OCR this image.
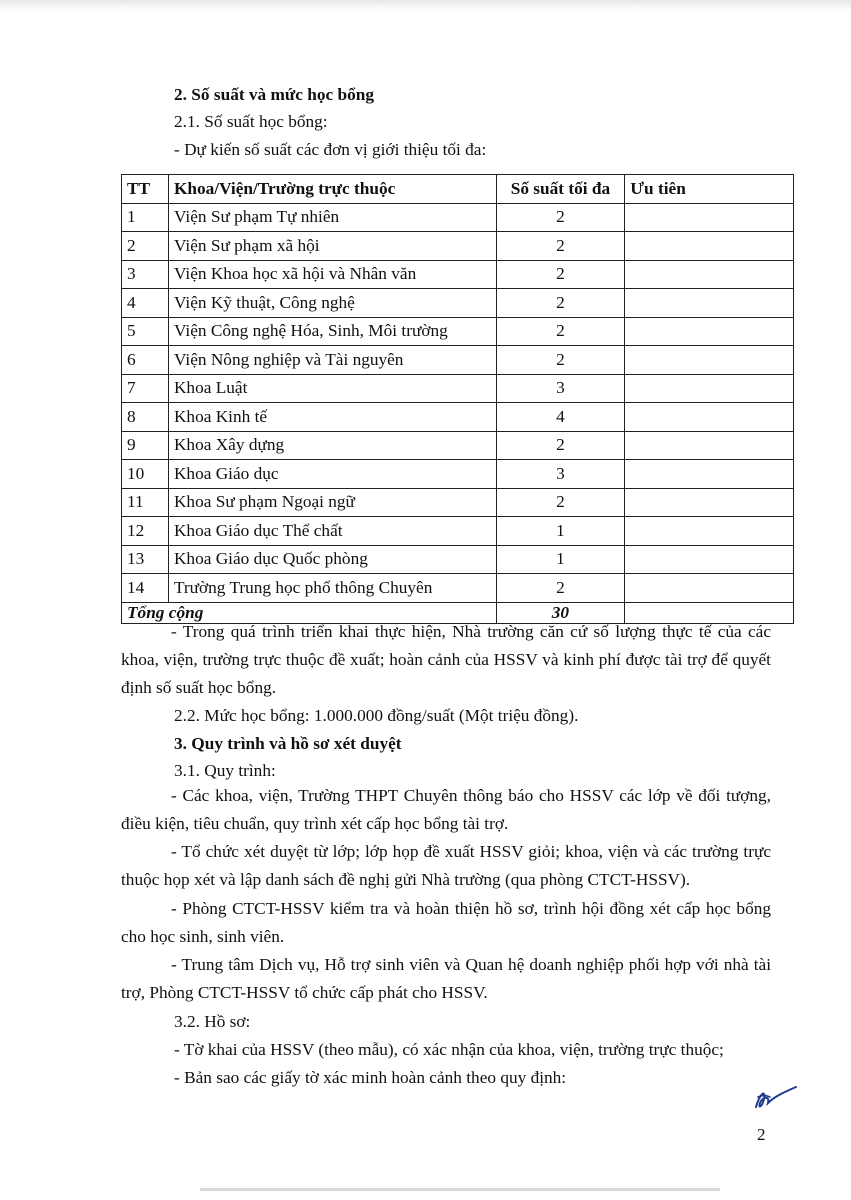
2. Số suất và mức học bổng
2.1. Số suất học bổng:
- Dự kiến số suất các đơn vị giới thiệu tối đa:
TT	Khoa/Viện/Trường trực thuộc	Số suất tối đa	Ưu tiên
1	Viện Sư phạm Tự nhiên	2	
2	Viện Sư phạm xã hội	2	
3	Viện Khoa học xã hội và Nhân văn	2	
4	Viện Kỹ thuật, Công nghệ	2	
5	Viện Công nghệ Hóa, Sinh, Môi trường	2	
6	Viện Nông nghiệp và Tài nguyên	2	
7	Khoa Luật	3	
8	Khoa Kinh tế	4	
9	Khoa Xây dựng	2	
10	Khoa Giáo dục	3	
11	Khoa Sư phạm Ngoại ngữ	2	
12	Khoa Giáo dục Thể chất	1	
13	Khoa Giáo dục Quốc phòng	1	
14	Trường Trung học phổ thông Chuyên	2	
Tổng cộng		30	
- Trong quá trình triển khai thực hiện, Nhà trường căn cứ số lượng thực tế của các khoa, viện, trường trực thuộc đề xuất; hoàn cảnh của HSSV và kinh phí được tài trợ để quyết định số suất học bổng.
2.2. Mức học bổng: 1.000.000 đồng/suất (Một triệu đồng).
3. Quy trình và hồ sơ xét duyệt
3.1. Quy trình:
- Các khoa, viện, Trường THPT Chuyên thông báo cho HSSV các lớp về đối tượng, điều kiện, tiêu chuẩn, quy trình xét cấp học bổng tài trợ.
- Tổ chức xét duyệt từ lớp; lớp họp đề xuất HSSV giỏi; khoa, viện và các trường trực thuộc họp xét và lập danh sách đề nghị gửi Nhà trường (qua phòng CTCT-HSSV).
- Phòng CTCT-HSSV kiểm tra và hoàn thiện hồ sơ, trình hội đồng xét cấp học bổng cho học sinh, sinh viên.
- Trung tâm Dịch vụ, Hỗ trợ sinh viên và Quan hệ doanh nghiệp phối hợp với nhà tài trợ, Phòng CTCT-HSSV tổ chức cấp phát cho HSSV.
3.2. Hồ sơ:
- Tờ khai của HSSV (theo mẫu), có xác nhận của khoa, viện, trường trực thuộc;
- Bản sao các giấy tờ xác minh hoàn cảnh theo quy định:
2
